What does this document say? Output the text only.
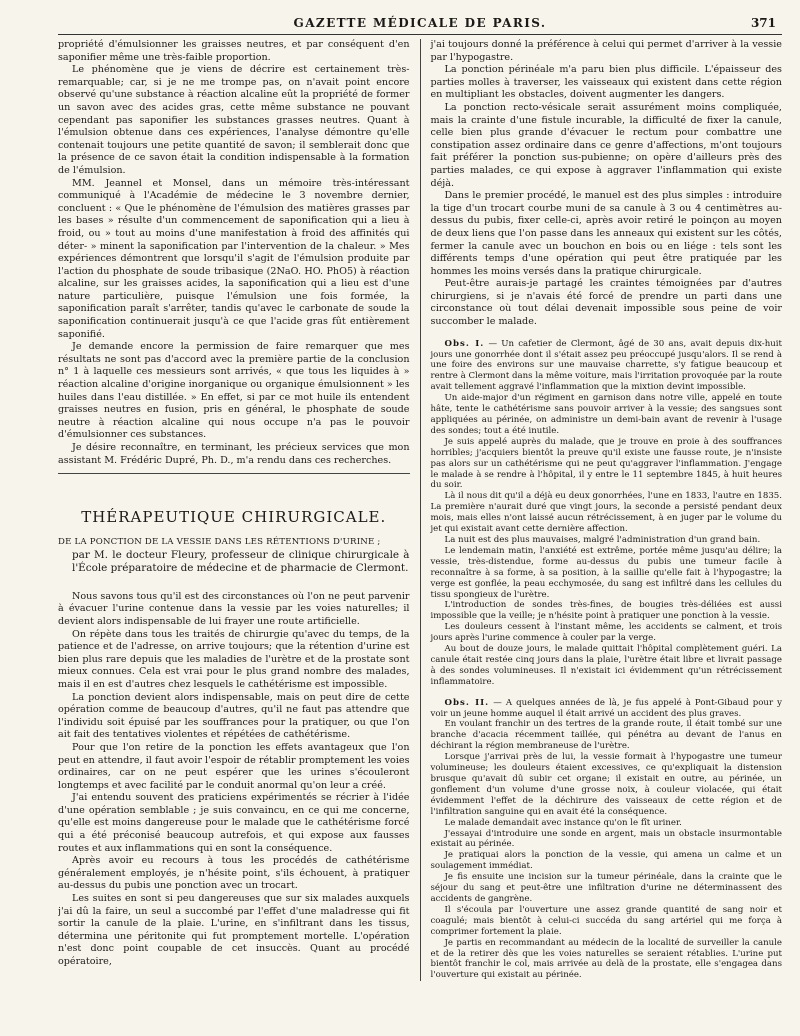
GAZETTE MÉDICALE DE PARIS.	371

propriété d'émulsionner les graisses neutres, et par conséquent d'en saponifier même une très-faible proportion.

Le phénomène que je viens de décrire est certainement très-remarquable; car, si je ne me trompe pas, on n'avait point encore observé qu'une substance à réaction alcaline eût la propriété de former un savon avec des acides gras, cette même substance ne pouvant cependant pas saponifier les substances grasses neutres. Quant à l'émulsion obtenue dans ces expériences, l'analyse démontre qu'elle contenait toujours une petite quantité de savon; il semblerait donc que la présence de ce savon était la condition indispensable à la formation de l'émulsion.

MM. Jeannel et Monsel, dans un mémoire très-intéressant communiqué à l'Académie de médecine le 3 novembre dernier, concluent : « Que le phénomène de l'émulsion des matières grasses par les bases » résulte d'un commencement de saponification qui a lieu à froid, ou » tout au moins d'une manifestation à froid des affinités qui déter- » minent la saponification par l'intervention de la chaleur. » Mes expériences démontrent que lorsqu'il s'agit de l'émulsion produite par l'action du phosphate de soude tribasique (2NaO. HO. PhO5) à réaction alcaline, sur les graisses acides, la saponification qui a lieu est d'une nature particulière, puisque l'émulsion une fois formée, la saponification paraît s'arrêter, tandis qu'avec le carbonate de soude la saponification continuerait jusqu'à ce que l'acide gras fût entièrement saponifié.

Je demande encore la permission de faire remarquer que mes résultats ne sont pas d'accord avec la première partie de la conclusion n° 1 à laquelle ces messieurs sont arrivés, « que tous les liquides à » réaction alcaline d'origine inorganique ou organique émulsionnent » les huiles dans l'eau distillée. » En effet, si par ce mot huile ils entendent graisses neutres en fusion, pris en général, le phosphate de soude neutre à réaction alcaline qui nous occupe n'a pas le pouvoir d'émulsionner ces substances.

Je désire reconnaître, en terminant, les précieux services que mon assistant M. Frédéric Dupré, Ph. D., m'a rendu dans ces recherches.

THÉRAPEUTIQUE CHIRURGICALE.

DE LA PONCTION DE LA VESSIE DANS LES RÉTENTIONS D'URINE ;
par M. le docteur Fleury, professeur de clinique chirurgicale à l'École préparatoire de médecine et de pharmacie de Clermont.

Nous savons tous qu'il est des circonstances où l'on ne peut parvenir à évacuer l'urine contenue dans la vessie par les voies naturelles; il devient alors indispensable de lui frayer une route artificielle.

On répète dans tous les traités de chirurgie qu'avec du temps, de la patience et de l'adresse, on arrive toujours; que la rétention d'urine est bien plus rare depuis que les maladies de l'urètre et de la prostate sont mieux connues. Cela est vrai pour le plus grand nombre des malades, mais il en est d'autres chez lesquels le cathétérisme est impossible.

La ponction devient alors indispensable, mais on peut dire de cette opération comme de beaucoup d'autres, qu'il ne faut pas attendre que l'individu soit épuisé par les souffrances pour la pratiquer, ou que l'on ait fait des tentatives violentes et répétées de cathétérisme.

Pour que l'on retire de la ponction les effets avantageux que l'on peut en attendre, il faut avoir l'espoir de rétablir promptement les voies ordinaires, car on ne peut espérer que les urines s'écouleront longtemps et avec facilité par le conduit anormal qu'on leur a créé.

J'ai entendu souvent des praticiens expérimentés se récrier à l'idée d'une opération semblable ; je suis convaincu, en ce qui me concerne, qu'elle est moins dangereuse pour le malade que le cathétérisme forcé qui a été préconisé beaucoup autrefois, et qui expose aux fausses routes et aux inflammations qui en sont la conséquence.

Après avoir eu recours à tous les procédés de cathétérisme généralement employés, je n'hésite point, s'ils échouent, à pratiquer au-dessus du pubis une ponction avec un trocart.

Les suites en sont si peu dangereuses que sur six malades auxquels j'ai dû la faire, un seul a succombé par l'effet d'une maladresse qui fit sortir la canule de la plaie. L'urine, en s'infiltrant dans les tissus, détermina une péritonite qui fut promptement mortelle. L'opération n'est donc point coupable de cet insuccès. Quant au procédé opératoire,

j'ai toujours donné la préférence à celui qui permet d'arriver à la vessie par l'hypogastre.

La ponction périnéale m'a paru bien plus difficile. L'épaisseur des parties molles à traverser, les vaisseaux qui existent dans cette région en multipliant les obstacles, doivent augmenter les dangers.

La ponction recto-vésicale serait assurément moins compliquée, mais la crainte d'une fistule incurable, la difficulté de fixer la canule, celle bien plus grande d'évacuer le rectum pour combattre une constipation assez ordinaire dans ce genre d'affections, m'ont toujours fait préférer la ponction sus-pubienne; on opère d'ailleurs près des parties malades, ce qui expose à aggraver l'inflammation qui existe déjà.

Dans le premier procédé, le manuel est des plus simples : introduire la tige d'un trocart courbe muni de sa canule à 3 ou 4 centimètres au-dessus du pubis, fixer celle-ci, après avoir retiré le poinçon au moyen de deux liens que l'on passe dans les anneaux qui existent sur les côtés, fermer la canule avec un bouchon en bois ou en liége : tels sont les différents temps d'une opération qui peut être pratiquée par les hommes les moins versés dans la pratique chirurgicale.

Peut-être aurais-je partagé les craintes témoignées par d'autres chirurgiens, si je n'avais été forcé de prendre un parti dans une circonstance où tout délai devenait impossible sous peine de voir succomber le malade.

Obs. I. — Un cafetier de Clermont, âgé de 30 ans, avait depuis dix-huit jours une gonorrhée dont il s'était assez peu préoccupé jusqu'alors. Il se rend à une foire des environs sur une mauvaise charrette, s'y fatigue beaucoup et rentre à Clermont dans la même voiture, mais l'irritation provoquée par la route avait tellement aggravé l'inflammation que la mixtion devint impossible.

Un aide-major d'un régiment en garnison dans notre ville, appelé en toute hâte, tente le cathétérisme sans pouvoir arriver à la vessie; des sangsues sont appliquées au périnée, on administre un demi-bain avant de revenir à l'usage des sondes; tout a été inutile.

Je suis appelé auprès du malade, que je trouve en proie à des souffrances horribles; j'acquiers bientôt la preuve qu'il existe une fausse route, je n'insiste pas alors sur un cathétérisme qui ne peut qu'aggraver l'inflammation. J'engage le malade à se rendre à l'hôpital, il y entre le 11 septembre 1845, à huit heures du soir.

Là il nous dit qu'il a déjà eu deux gonorrhées, l'une en 1833, l'autre en 1835. La première n'aurait duré que vingt jours, la seconde a persisté pendant deux mois, mais elles n'ont laissé aucun rétrécissement, à en juger par le volume du jet qui existait avant cette dernière affection.

La nuit est des plus mauvaises, malgré l'administration d'un grand bain.

Le lendemain matin, l'anxiété est extrême, portée même jusqu'au délire; la vessie, très-distendue, forme au-dessus du pubis une tumeur facile à reconnaître à sa forme, à sa position, à la saillie qu'elle fait à l'hypogastre; la verge est gonflée, la peau ecchymosée, du sang est infiltré dans les cellules du tissu spongieux de l'urètre.

L'introduction de sondes très-fines, de bougies très-déliées est aussi impossible que la veille; je n'hésite point à pratiquer une ponction à la vessie.

Les douleurs cessent à l'instant même, les accidents se calment, et trois jours après l'urine commence à couler par la verge.

Au bout de douze jours, le malade quittait l'hôpital complètement guéri. La canule était restée cinq jours dans la plaie, l'urètre était libre et livrait passage à des sondes volumineuses. Il n'existait ici évidemment qu'un rétrécissement inflammatoire.

Obs. II. — A quelques années de là, je fus appelé à Pont-Gibaud pour y voir un jeune homme auquel il était arrivé un accident des plus graves.

En voulant franchir un des tertres de la grande route, il était tombé sur une branche d'acacia récemment taillée, qui pénétra au devant de l'anus en déchirant la région membraneuse de l'urètre.

Lorsque j'arrivai près de lui, la vessie formait à l'hypogastre une tumeur volumineuse; les douleurs étaient excessives, ce qu'expliquait la distension brusque qu'avait dû subir cet organe; il existait en outre, au périnée, un gonflement d'un volume d'une grosse noix, à couleur violacée, qui était évidemment l'effet de la déchirure des vaisseaux de cette région et de l'infiltration sanguine qui en avait été la conséquence.

Le malade demandait avec instance qu'on le fît uriner.

J'essayai d'introduire une sonde en argent, mais un obstacle insurmontable existait au périnée.

Je pratiquai alors la ponction de la vessie, qui amena un calme et un soulagement immédiat.

Je fis ensuite une incision sur la tumeur périnéale, dans la crainte que le séjour du sang et peut-être une infiltration d'urine ne déterminassent des accidents de gangrène.

Il s'écoula par l'ouverture une assez grande quantité de sang noir et coagulé; mais bientôt à celui-ci succéda du sang artériel qui me força à comprimer fortement la plaie.

Je partis en recommandant au médecin de la localité de surveiller la canule et de la retirer dès que les voies naturelles se seraient rétablies. L'urine put bientôt franchir le col, mais arrivée au delà de la prostate, elle s'engagea dans l'ouverture qui existait au périnée.
